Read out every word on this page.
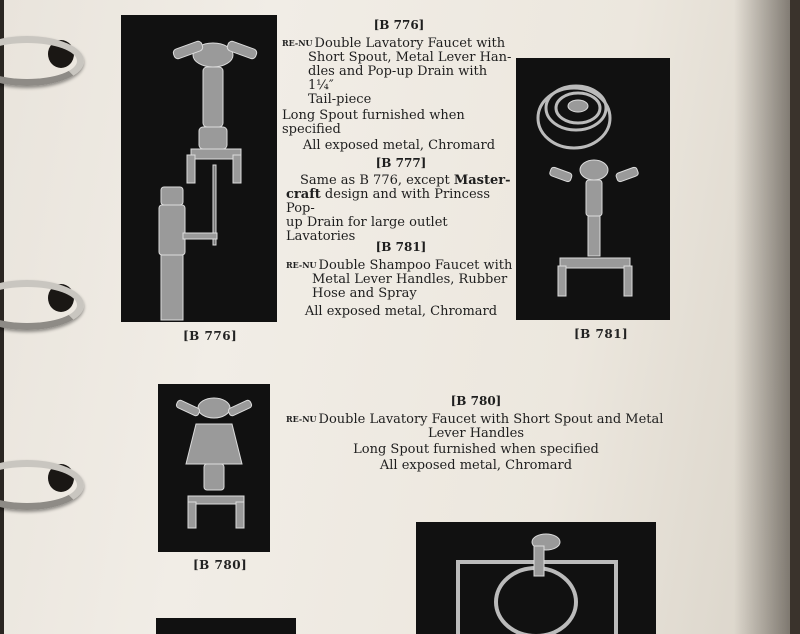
[B 776]
[B 776]

RE-NU Double Lavatory Faucet with

Short Spout, Metal Lever Han-

dles and Pop-up Drain with 1¼″

Tail-piece

Long Spout furnished when specified

All exposed metal, Chromard

[B 777]

Same as B 776, except Master-

craft design and with Princess Pop-

up Drain for large outlet Lavatories

[B 781]

RE-NU Double Shampoo Faucet with

Metal Lever Handles, Rubber

Hose and Spray

All exposed metal, Chromard

[B 781]
[B 780]
[B 780]

RE-NU Double Lavatory Faucet with Short Spout and Metal

Lever Handles

Long Spout furnished when specified

All exposed metal, Chromard
